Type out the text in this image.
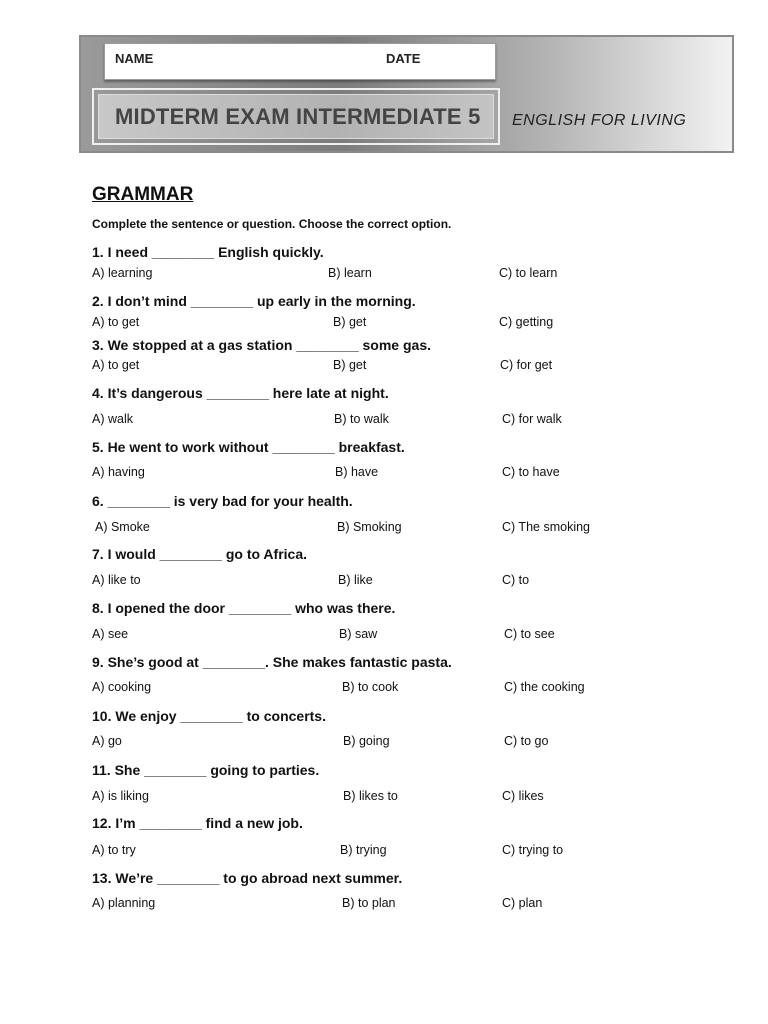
NAME	DATE
MIDTERM EXAM INTERMEDIATE 5 ENGLISH FOR LIVING
GRAMMAR
Complete the sentence or question. Choose the correct option.
1. I need ________ English quickly.
A) learning	B) learn	C) to learn
2. I don’t mind ________ up early in the morning.
A) to get	B) get	C) getting
3. We stopped at a gas station ________ some gas.
A) to get	B) get	C) for get
4. It’s dangerous ________ here late at night.
A) walk	B) to walk	C) for walk
5. He went to work without ________ breakfast.
A) having	B) have	C) to have
6. ________ is very bad for your health.
A) Smoke	B) Smoking	C) The smoking
7. I would ________ go to Africa.
A) like to	B) like	C) to
8. I opened the door ________ who was there.
A) see	B) saw	C) to see
9. She’s good at ________. She makes fantastic pasta.
A) cooking	B) to cook	C) the cooking
10. We enjoy ________ to concerts.
A) go	B) going	C) to go
11. She ________ going to parties.
A) is liking	B) likes to	C) likes
12. I’m ________ find a new job.
A) to try	B) trying	C) trying to
13. We’re ________ to go abroad next summer.
A) planning	B) to plan	C) plan
